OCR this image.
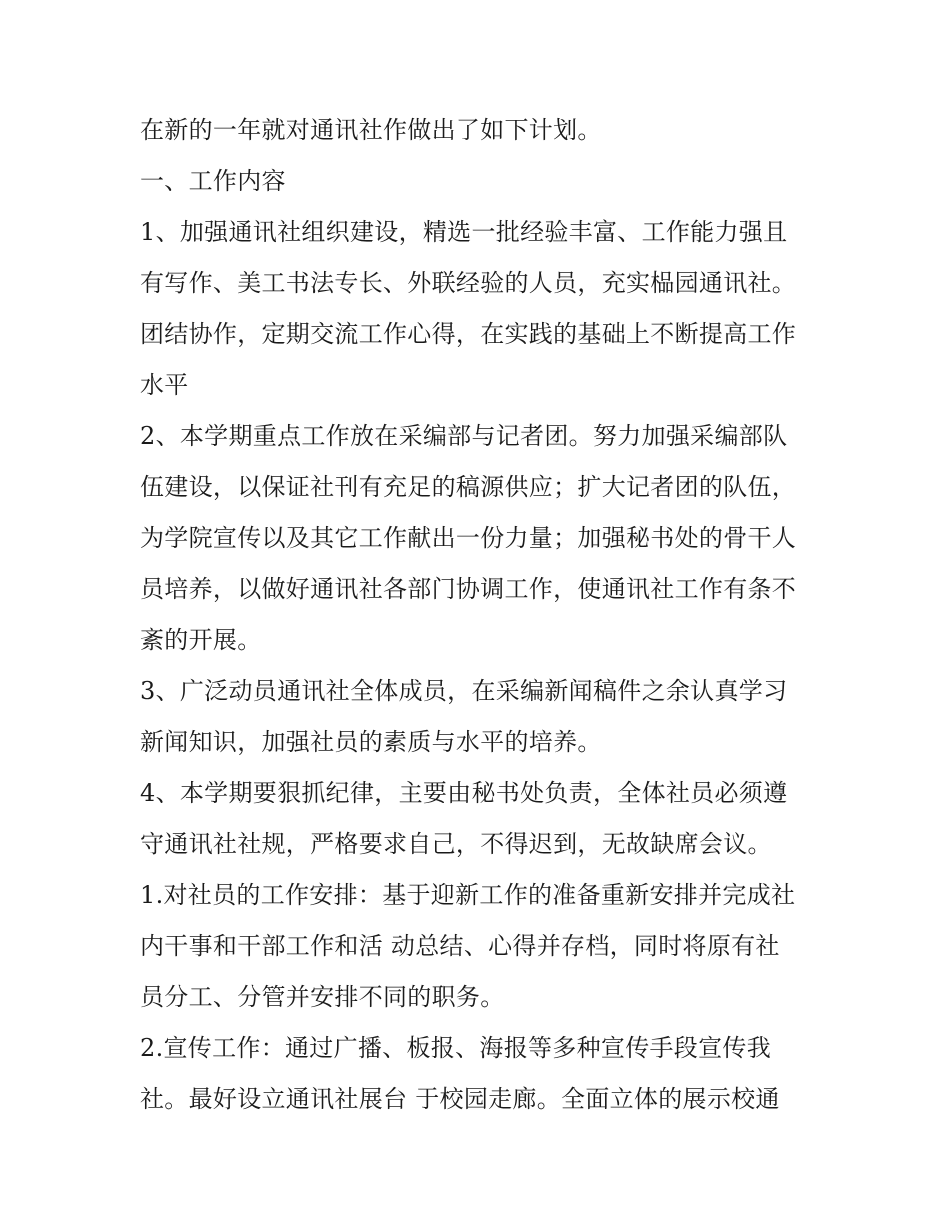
在新的一年就对通讯社作做出了如下计划。
一、工作内容
1、加强通讯社组织建设，精选一批经验丰富、工作能力强且
有写作、美工书法专长、外联经验的人员，充实榀园通讯社。
团结协作，定期交流工作心得，在实践的基础上不断提高工作
水平
2、本学期重点工作放在采编部与记者团。努力加强采编部队
伍建设，以保证社刊有充足的稿源供应；扩大记者团的队伍，
为学院宣传以及其它工作献出一份力量；加强秘书处的骨干人
员培养，以做好通讯社各部门协调工作，使通讯社工作有条不
紊的开展。
3、广泛动员通讯社全体成员，在采编新闻稿件之余认真学习
新闻知识，加强社员的素质与水平的培养。
4、本学期要狠抓纪律，主要由秘书处负责，全体社员必须遵
守通讯社社规，严格要求自己，不得迟到，无故缺席会议。
1.对社员的工作安排：基于迎新工作的准备重新安排并完成社
内干事和干部工作和活 动总结、心得并存档，同时将原有社
员分工、分管并安排不同的职务。
2.宣传工作：通过广播、板报、海报等多种宣传手段宣传我
社。最好设立通讯社展台 于校园走廊。全面立体的展示校通
